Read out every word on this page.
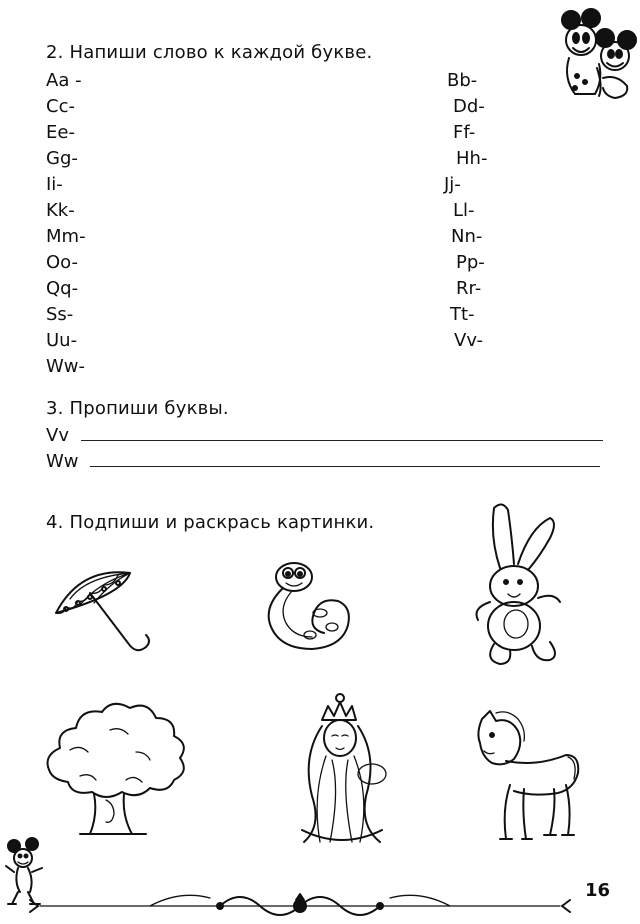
2. Напиши слово к каждой букве.
Aa -	Bb-
Cc-	Dd-
Ee-	Ff-
Gg-	Hh-
Ii-	Jj-
Kk-	Ll-
Mm-	Nn-
Oo-	Pp-
Qq-	Rr-
Ss-	Tt-
Uu-	Vv-
Ww-
3. Пропиши буквы.
Vv
Ww
4. Подпиши и раскрась картинки.
16
